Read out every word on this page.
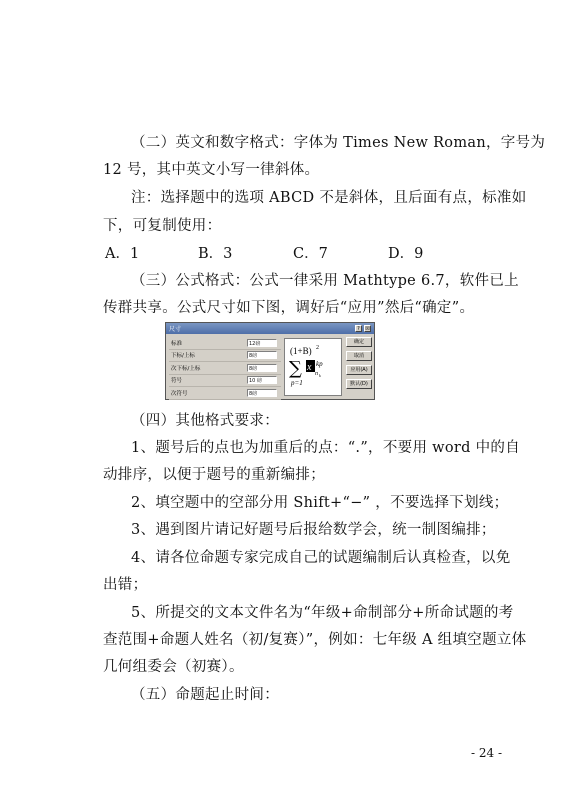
（二）英文和数字格式：字体为 Times New Roman，字号为
12 号，其中英文小写一律斜体。
注：选择题中的选项 ABCD 不是斜体，且后面有点，标准如
下，可复制使用：
A．1	B．3	C．7	D．9
（三）公式格式：公式一律采用 Mathtype 6.7，软件已上
传群共享。公式尺寸如下图，调好后“应用”然后“确定”。
尺寸	?	☒
标准	12磅
下标/上标	8磅
次下标/上标	8磅
符号	10 磅
次符号	8磅
(1+B) 2
∑ x kp
n k
p=1
确定
取消
应用(A)
默认(D)
（四）其他格式要求：
1、题号后的点也为加重后的点：“.”，不要用 word 中的自
动排序，以便于题号的重新编排；
2、填空题中的空部分用 Shift+“−” ，不要选择下划线；
3、遇到图片请记好题号后报给数学会，统一制图编排；
4、请各位命题专家完成自己的试题编制后认真检查，以免
出错；
5、所提交的文本文件名为“年级+命制部分+所命试题的考
查范围+命题人姓名（初/复赛）”，例如：七年级 A 组填空题立体
几何组委会（初赛）。
（五）命题起止时间：
- 24 -
